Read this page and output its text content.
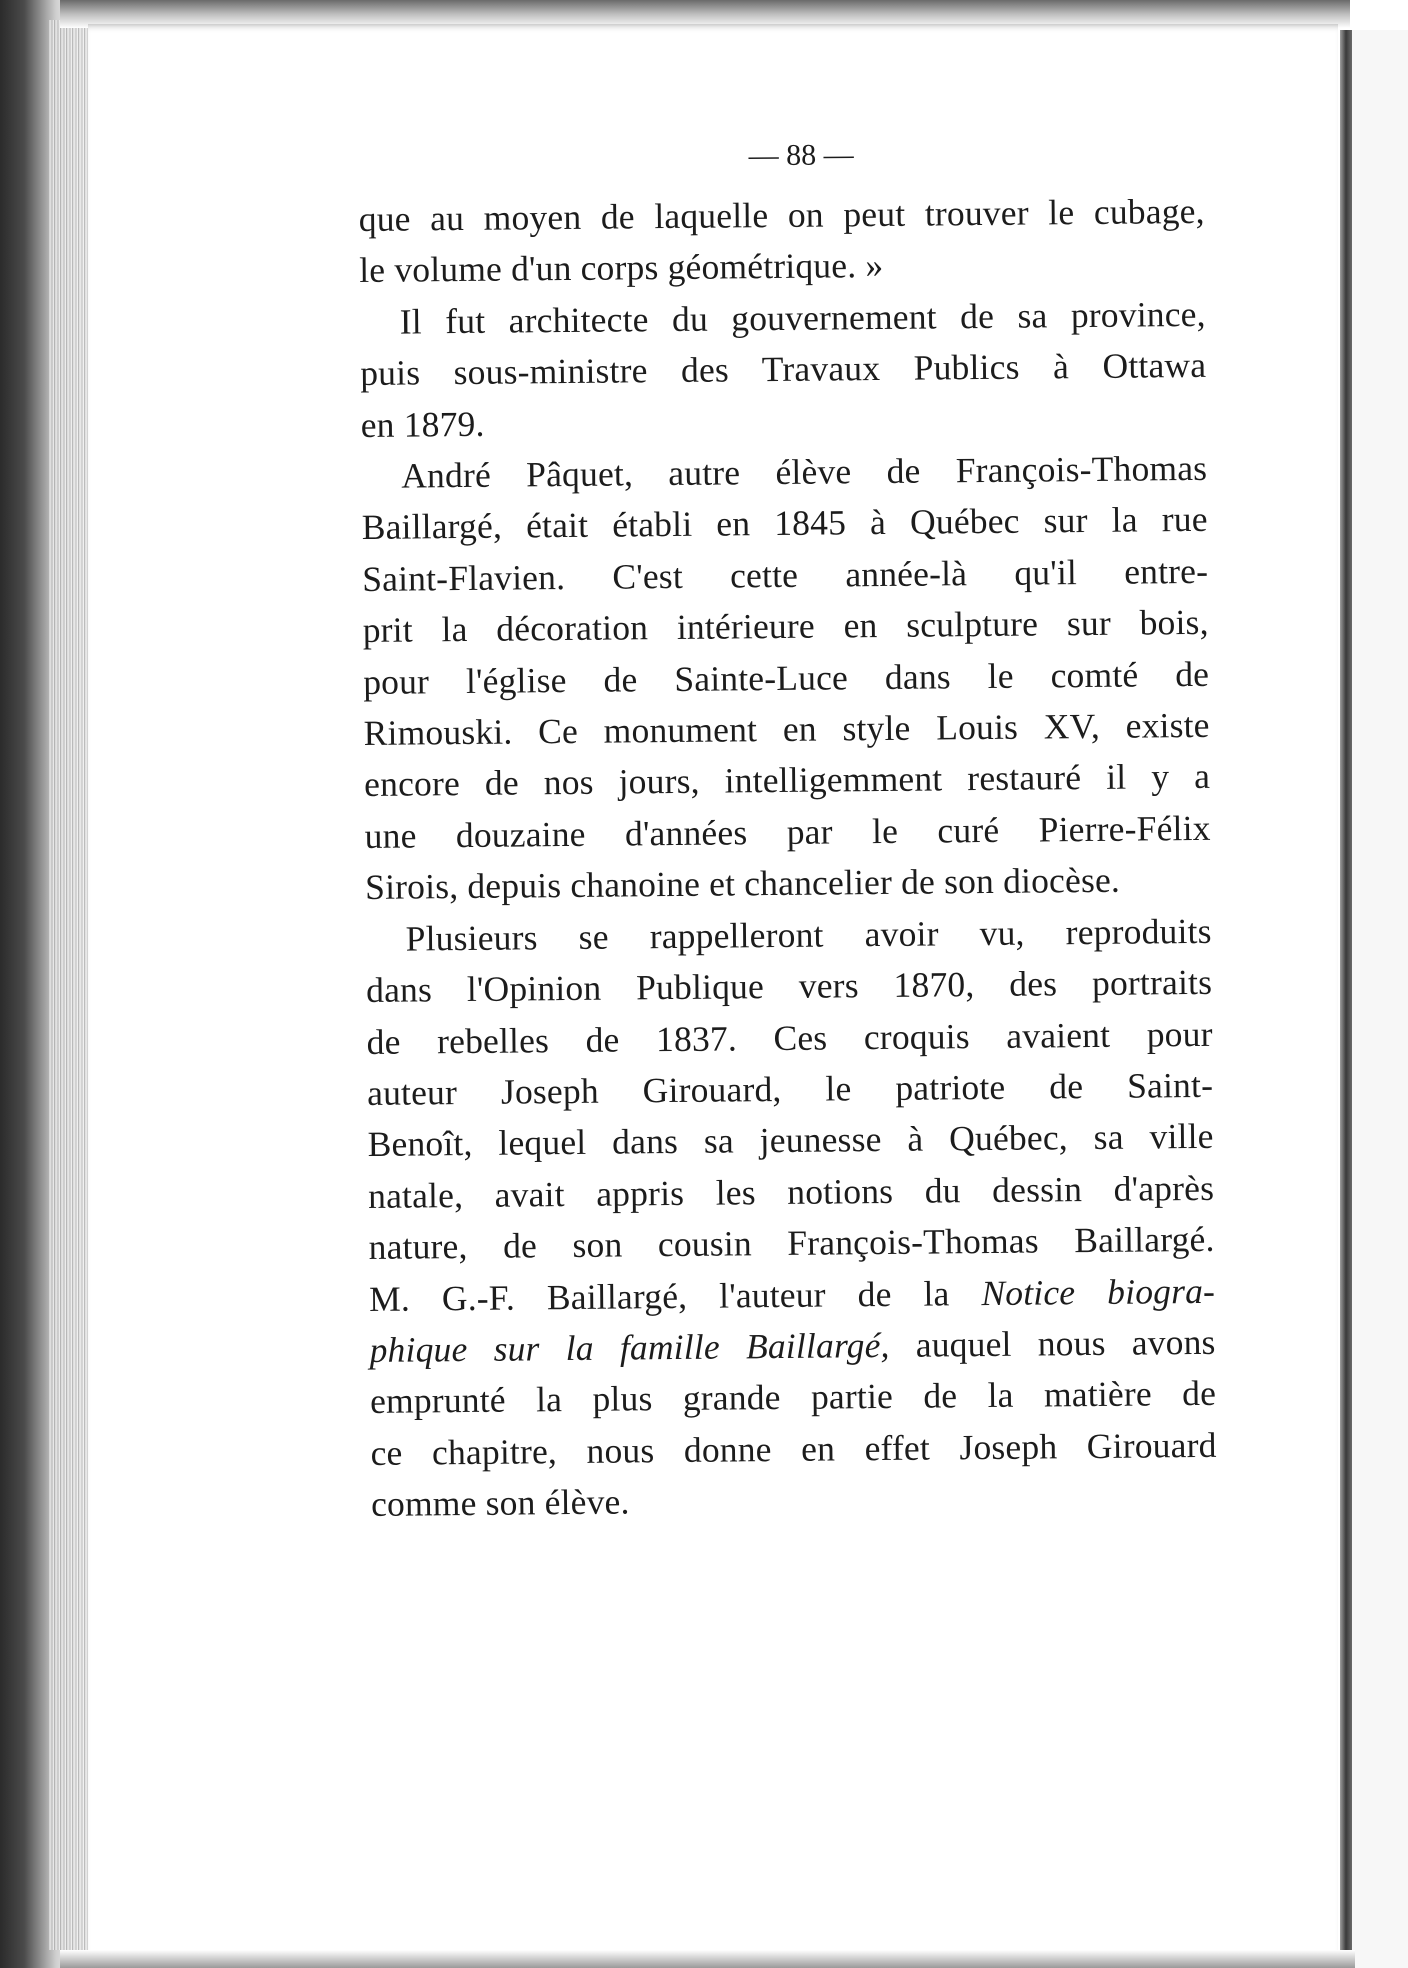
— 88 —

que au moyen de laquelle on peut trouver le cubage,
le volume d'un corps géométrique. »

Il fut architecte du gouvernement de sa province,
puis sous-ministre des Travaux Publics à Ottawa
en 1879.

André Pâquet, autre élève de François-Thomas
Baillargé, était établi en 1845 à Québec sur la rue
Saint-Flavien. C'est cette année-là qu'il entre-
prit la décoration intérieure en sculpture sur bois,
pour l'église de Sainte-Luce dans le comté de
Rimouski. Ce monument en style Louis XV, existe
encore de nos jours, intelligemment restauré il y a
une douzaine d'années par le curé Pierre-Félix
Sirois, depuis chanoine et chancelier de son diocèse.

Plusieurs se rappelleront avoir vu, reproduits
dans l'Opinion Publique vers 1870, des portraits
de rebelles de 1837. Ces croquis avaient pour
auteur Joseph Girouard, le patriote de Saint-
Benoît, lequel dans sa jeunesse à Québec, sa ville
natale, avait appris les notions du dessin d'après
nature, de son cousin François-Thomas Baillargé.
M. G.-F. Baillargé, l'auteur de la Notice biogra-
phique sur la famille Baillargé, auquel nous avons
emprunté la plus grande partie de la matière de
ce chapitre, nous donne en effet Joseph Girouard
comme son élève.
